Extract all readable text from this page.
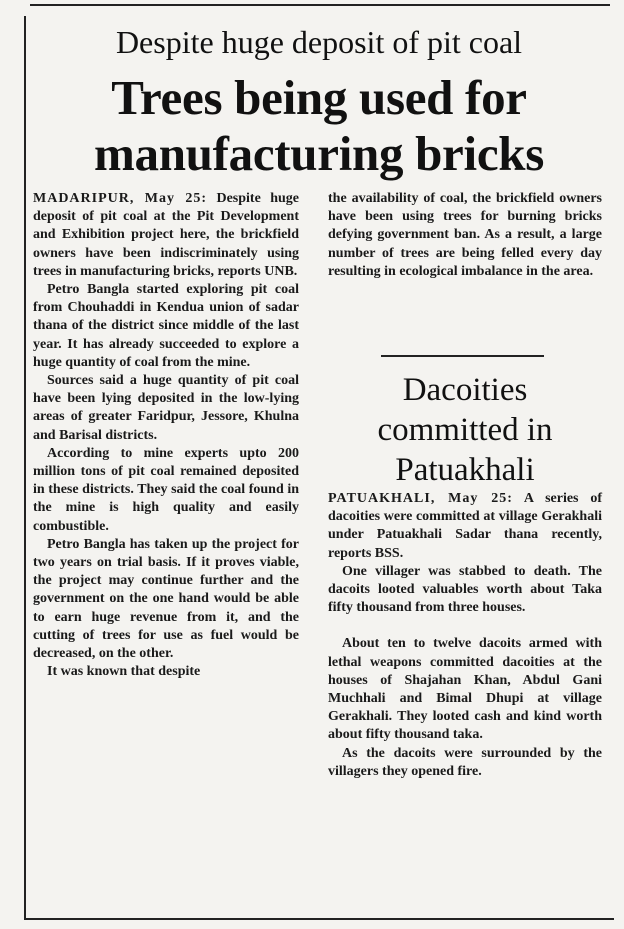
Despite huge deposit of pit coal
Trees being used for manufacturing bricks

MADARIPUR, May 25: Despite huge deposit of pit coal at the Pit Development and Exhibition project here, the brickfield owners have been indiscriminately using trees in manufacturing bricks, reports UNB.

Petro Bangla started exploring pit coal from Chouhaddi in Kendua union of sadar thana of the district since middle of the last year. It has already succeeded to explore a huge quantity of coal from the mine.

Sources said a huge quantity of pit coal have been lying deposited in the low-lying areas of greater Faridpur, Jessore, Khulna and Barisal districts.

According to mine experts upto 200 million tons of pit coal remained deposited in these districts. They said the coal found in the mine is high quality and easily combustible.

Petro Bangla has taken up the project for two years on trial basis. If it proves viable, the project may continue further and the government on the one hand would be able to earn huge revenue from it, and the cutting of trees for use as fuel would be decreased, on the other.

It was known that despite

the availability of coal, the brickfield owners have been using trees for burning bricks defying government ban. As a result, a large number of trees are being felled every day resulting in ecological imbalance in the area.

Dacoities committed in Patuakhali

PATUAKHALI, May 25: A series of dacoities were committed at village Gerakhali under Patuakhali Sadar thana recently, reports BSS.

One villager was stabbed to death. The dacoits looted valuables worth about Taka fifty thousand from three houses.

About ten to twelve dacoits armed with lethal weapons committed dacoities at the houses of Shajahan Khan, Abdul Gani Muchhali and Bimal Dhupi at village Gerakhali. They looted cash and kind worth about fifty thousand taka.

As the dacoits were surrounded by the villagers they opened fire.
